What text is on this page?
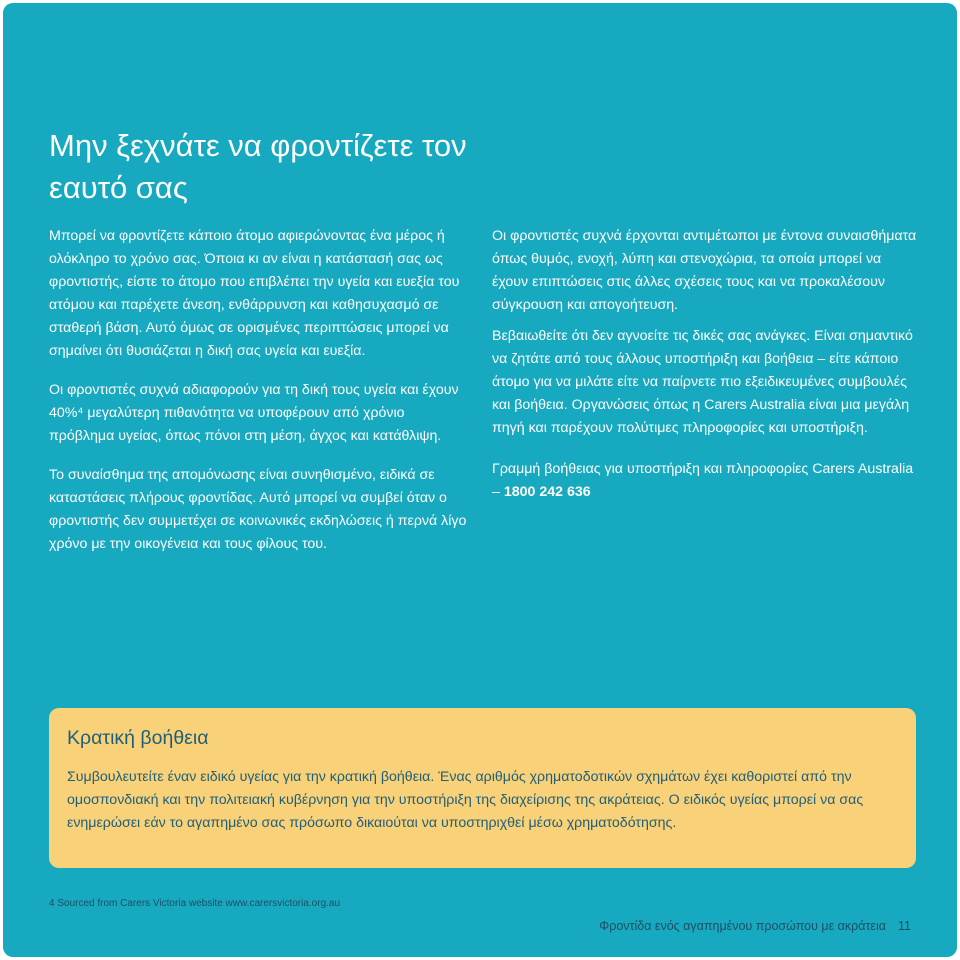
Μην ξεχνάτε να φροντίζετε τον εαυτό σας

Μπορεί να φροντίζετε κάποιο άτομο αφιερώνοντας ένα μέρος ή ολόκληρο το χρόνο σας. Όποια κι αν είναι η κατάστασή σας ως φροντιστής, είστε το άτομο που επιβλέπει την υγεία και ευεξία του ατόμου και παρέχετε άνεση, ενθάρρυνση και καθησυχασμό σε σταθερή βάση. Αυτό όμως σε ορισμένες περιπτώσεις μπορεί να σημαίνει ότι θυσιάζεται η δική σας υγεία και ευεξία.

Οι φροντιστές συχνά αδιαφορούν για τη δική τους υγεία και έχουν 40%⁴ μεγαλύτερη πιθανότητα να υποφέρουν από χρόνιο πρόβλημα υγείας, όπως πόνοι στη μέση, άγχος και κατάθλιψη.

Το συναίσθημα της απομόνωσης είναι συνηθισμένο, ειδικά σε καταστάσεις πλήρους φροντίδας. Αυτό μπορεί να συμβεί όταν ο φροντιστής δεν συμμετέχει σε κοινωνικές εκδηλώσεις ή περνά λίγο χρόνο με την οικογένεια και τους φίλους του.

Οι φροντιστές συχνά έρχονται αντιμέτωποι με έντονα συναισθήματα όπως θυμός, ενοχή, λύπη και στενοχώρια, τα οποία μπορεί να έχουν επιπτώσεις στις άλλες σχέσεις τους και να προκαλέσουν σύγκρουση και απογοήτευση.

Βεβαιωθείτε ότι δεν αγνοείτε τις δικές σας ανάγκες. Είναι σημαντικό να ζητάτε από τους άλλους υποστήριξη και βοήθεια – είτε κάποιο άτομο για να μιλάτε είτε να παίρνετε πιο εξειδικευμένες συμβουλές και βοήθεια. Οργανώσεις όπως η Carers Australia είναι μια μεγάλη πηγή και παρέχουν πολύτιμες πληροφορίες και υποστήριξη.

Γραμμή βοήθειας για υποστήριξη και πληροφορίες Carers Australia – 1800 242 636

Κρατική βοήθεια

Συμβουλευτείτε έναν ειδικό υγείας για την κρατική βοήθεια. Ένας αριθμός χρηματοδοτικών σχημάτων έχει καθοριστεί από την ομοσπονδιακή και την πολιτειακή κυβέρνηση για την υποστήριξη της διαχείρισης της ακράτειας. Ο ειδικός υγείας μπορεί να σας ενημερώσει εάν το αγαπημένο σας πρόσωπο δικαιούται να υποστηριχθεί μέσω χρηματοδότησης.

4 Sourced from Carers Victoria website www.carersvictoria.org.au
Φροντίδα ενός αγαπημένου προσώπου με ακράτεια 11
